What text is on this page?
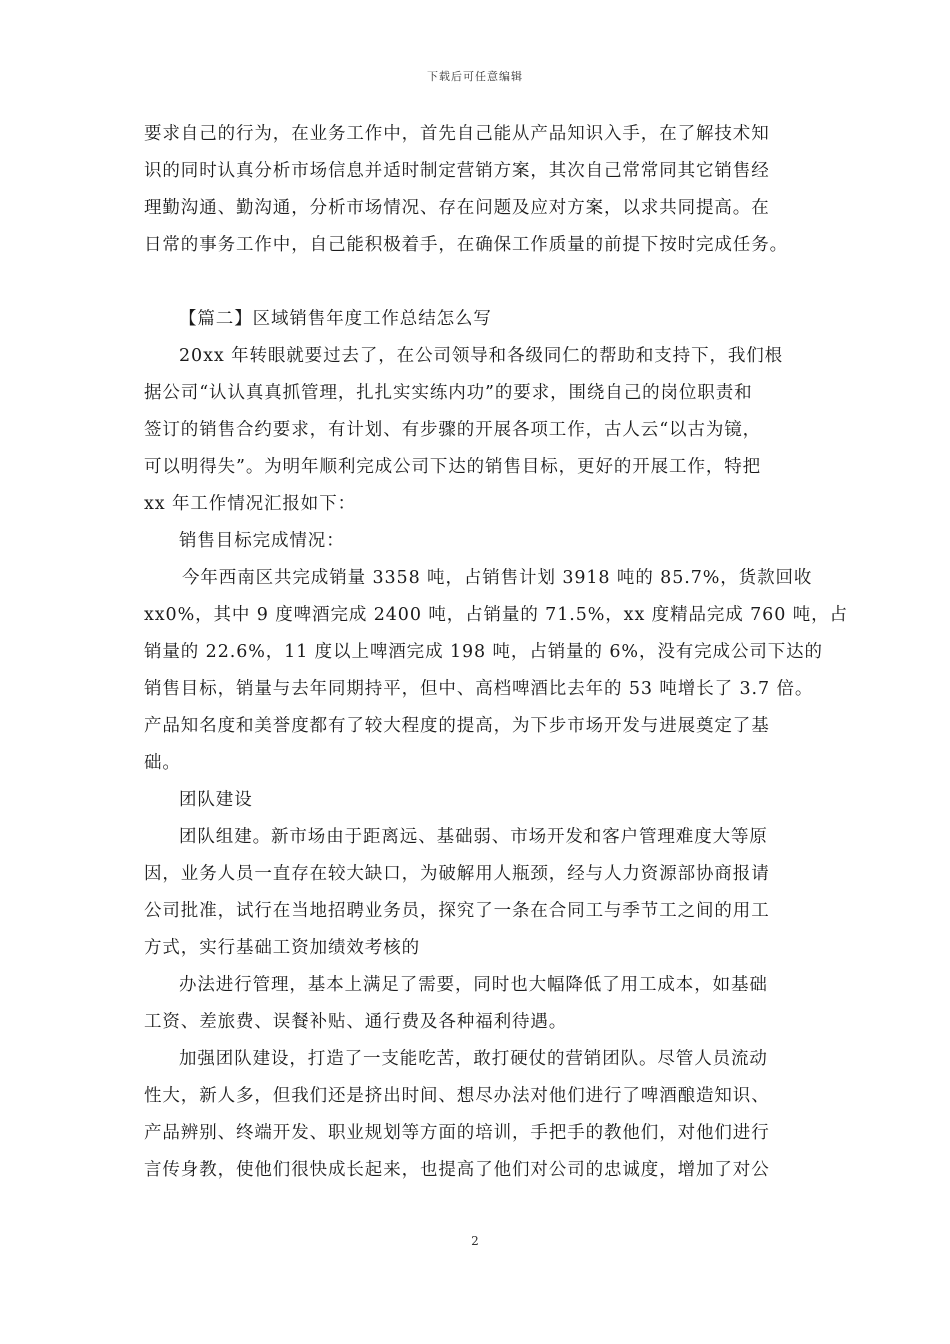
下载后可任意编辑
要求自己的行为，在业务工作中，首先自己能从产品知识入手，在了解技术知
识的同时认真分析市场信息并适时制定营销方案，其次自己常常同其它销售经
理勤沟通、勤沟通，分析市场情况、存在问题及应对方案，以求共同提高。在
日常的事务工作中，自己能积极着手，在确保工作质量的前提下按时完成任务。
【篇二】区域销售年度工作总结怎么写
20xx 年转眼就要过去了，在公司领导和各级同仁的帮助和支持下，我们根
据公司“认认真真抓管理，扎扎实实练内功”的要求，围绕自己的岗位职责和
签订的销售合约要求，有计划、有步骤的开展各项工作，古人云“以古为镜，
可以明得失”。为明年顺利完成公司下达的销售目标，更好的开展工作，特把
xx 年工作情况汇报如下：
销售目标完成情况：
今年西南区共完成销量 3358 吨，占销售计划 3918 吨的 85.7%，货款回收
xx0%，其中 9 度啤酒完成 2400 吨，占销量的 71.5%，xx 度精品完成 760 吨，占
销量的 22.6%，11 度以上啤酒完成 198 吨，占销量的 6%，没有完成公司下达的
销售目标，销量与去年同期持平，但中、高档啤酒比去年的 53 吨增长了 3.7 倍。
产品知名度和美誉度都有了较大程度的提高，为下步市场开发与进展奠定了基
础。
团队建设
团队组建。新市场由于距离远、基础弱、市场开发和客户管理难度大等原
因，业务人员一直存在较大缺口，为破解用人瓶颈，经与人力资源部协商报请
公司批准，试行在当地招聘业务员，探究了一条在合同工与季节工之间的用工
方式，实行基础工资加绩效考核的
办法进行管理，基本上满足了需要，同时也大幅降低了用工成本，如基础
工资、差旅费、误餐补贴、通行费及各种福利待遇。
加强团队建设，打造了一支能吃苦，敢打硬仗的营销团队。尽管人员流动
性大，新人多，但我们还是挤出时间、想尽办法对他们进行了啤酒酿造知识、
产品辨别、终端开发、职业规划等方面的培训，手把手的教他们，对他们进行
言传身教，使他们很快成长起来，也提高了他们对公司的忠诚度，增加了对公
2
